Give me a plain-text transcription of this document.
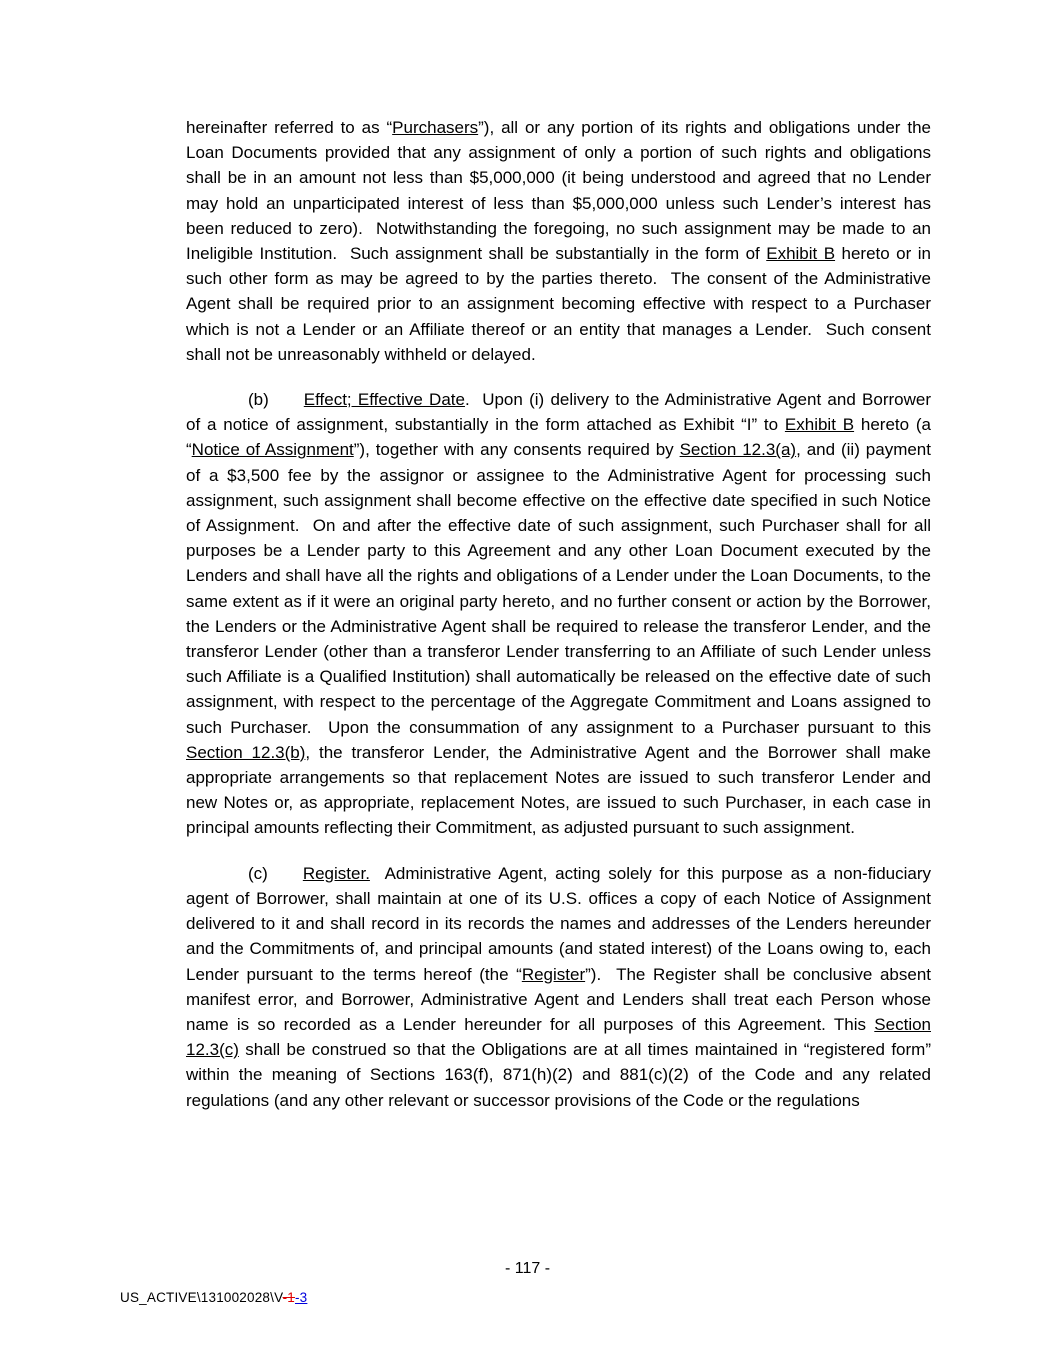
hereinafter referred to as “Purchasers”), all or any portion of its rights and obligations under the Loan Documents provided that any assignment of only a portion of such rights and obligations shall be in an amount not less than $5,000,000 (it being understood and agreed that no Lender may hold an unparticipated interest of less than $5,000,000 unless such Lender’s interest has been reduced to zero).  Notwithstanding the foregoing, no such assignment may be made to an Ineligible Institution.  Such assignment shall be substantially in the form of Exhibit B hereto or in such other form as may be agreed to by the parties thereto.  The consent of the Administrative Agent shall be required prior to an assignment becoming effective with respect to a Purchaser which is not a Lender or an Affiliate thereof or an entity that manages a Lender.  Such consent shall not be unreasonably withheld or delayed.

(b) Effect; Effective Date.  Upon (i) delivery to the Administrative Agent and Borrower of a notice of assignment, substantially in the form attached as Exhibit “I” to Exhibit B hereto (a “Notice of Assignment”), together with any consents required by Section 12.3(a), and (ii) payment of a $3,500 fee by the assignor or assignee to the Administrative Agent for processing such assignment, such assignment shall become effective on the effective date specified in such Notice of Assignment.  On and after the effective date of such assignment, such Purchaser shall for all purposes be a Lender party to this Agreement and any other Loan Document executed by the Lenders and shall have all the rights and obligations of a Lender under the Loan Documents, to the same extent as if it were an original party hereto, and no further consent or action by the Borrower, the Lenders or the Administrative Agent shall be required to release the transferor Lender, and the transferor Lender (other than a transferor Lender transferring to an Affiliate of such Lender unless such Affiliate is a Qualified Institution) shall automatically be released on the effective date of such assignment, with respect to the percentage of the Aggregate Commitment and Loans assigned to such Purchaser.  Upon the consummation of any assignment to a Purchaser pursuant to this Section 12.3(b), the transferor Lender, the Administrative Agent and the Borrower shall make appropriate arrangements so that replacement Notes are issued to such transferor Lender and new Notes or, as appropriate, replacement Notes, are issued to such Purchaser, in each case in principal amounts reflecting their Commitment, as adjusted pursuant to such assignment.

(c) Register.  Administrative Agent, acting solely for this purpose as a non-fiduciary agent of Borrower, shall maintain at one of its U.S. offices a copy of each Notice of Assignment delivered to it and shall record in its records the names and addresses of the Lenders hereunder and the Commitments of, and principal amounts (and stated interest) of the Loans owing to, each Lender pursuant to the terms hereof (the “Register”).  The Register shall be conclusive absent manifest error, and Borrower, Administrative Agent and Lenders shall treat each Person whose name is so recorded as a Lender hereunder for all purposes of this Agreement. This Section 12.3(c) shall be construed so that the Obligations are at all times maintained in “registered form” within the meaning of Sections 163(f), 871(h)(2) and 881(c)(2) of the Code and any related regulations (and any other relevant or successor provisions of the Code or the regulations

- 117 -
US_ACTIVE\131002028\V-1-3
